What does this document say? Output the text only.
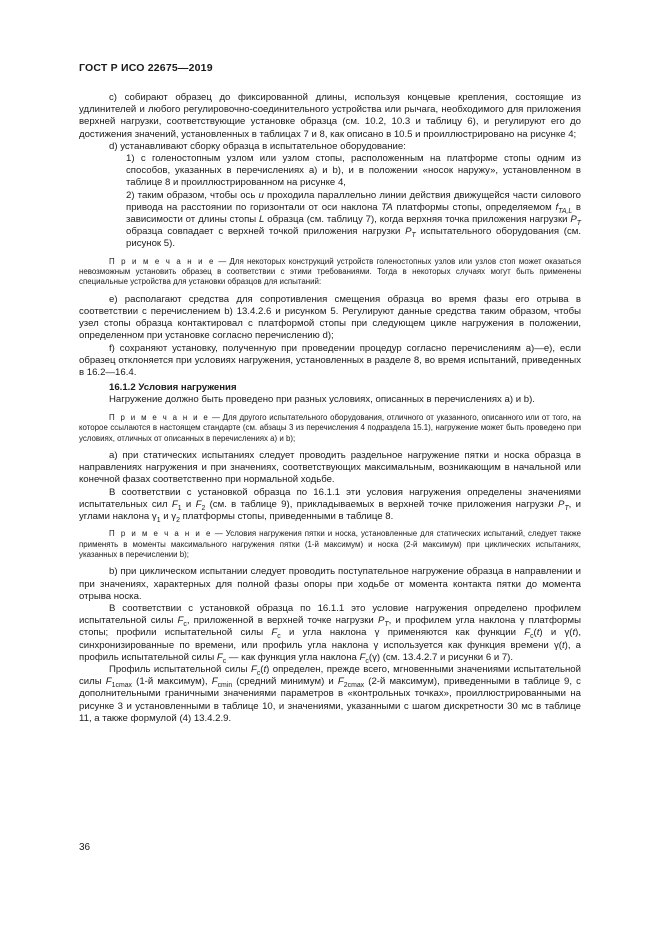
ГОСТ Р ИСО 22675—2019

c) собирают образец до фиксированной длины, используя концевые крепления, состоящие из удлинителей и любого регулировочно-соединительного устройства или рычага, необходимого для приложения верхней нагрузки, соответствующие установке образца (см. 10.2, 10.3 и таблицу 6), и регулируют его до достижения значений, установленных в таблицах 7 и 8, как описано в 10.5 и проиллюстрировано на рисунке 4;

d) устанавливают сборку образца в испытательное оборудование:

1) с голеностопным узлом или узлом стопы, расположенным на платформе стопы одним из способов, указанных в перечислениях а) и b), и в положении «носок наружу», установленном в таблице 8 и проиллюстрированном на рисунке 4,

2) таким образом, чтобы ось u проходила параллельно линии действия движущейся части силового привода на расстоянии по горизонтали от оси наклона TA платформы стопы, определяемом $f_{TA,L}$ в зависимости от длины стопы L образца (см. таблицу 7), когда верхняя точка приложения нагрузки $P_T$ образца совпадает с верхней точкой приложения нагрузки $P_T$ испытательного оборудования (см. рисунок 5).

П р и м е ч а н и е — Для некоторых конструкций устройств голеностопных узлов или узлов стоп может оказаться невозможным установить образец в соответствии с этими требованиями. Тогда в некоторых случаях могут быть применены специальные устройства для установки образцов для испытаний:

e) располагают средства для сопротивления смещения образца во время фазы его отрыва в соответствии с перечислением b) 13.4.2.6 и рисунком 5. Регулируют данные средства таким образом, чтобы узел стопы образца контактировал с платформой стопы при следующем цикле нагружения в положении, определенном при установке согласно перечислению d);

f) сохраняют установку, полученную при проведении процедур согласно перечислениям а)—е), если образец отклоняется при условиях нагружения, установленных в разделе 8, во время испытаний, приведенных в 16.2—16.4.

16.1.2 Условия нагружения

Нагружение должно быть проведено при разных условиях, описанных в перечислениях а) и b).

П р и м е ч а н и е — Для другого испытательного оборудования, отличного от указанного, описанного или от того, на которое ссылаются в настоящем стандарте (см. абзацы 3 из перечисления 4 подраздела 15.1), нагружение может быть проведено при условиях, отличных от описанных в перечислениях а) и b);

a) при статических испытаниях следует проводить раздельное нагружение пятки и носка образца в направлениях нагружения и при значениях, соответствующих максимальным, возникающим в начальной или конечной фазах соответственно при нормальной ходьбе.

В соответствии с установкой образца по 16.1.1 эти условия нагружения определены значениями испытательных сил $F_1$ и $F_2$ (см. в таблице 9), прикладываемых в верхней точке приложения нагрузки $P_T$, и углами наклона $\gamma_1$ и $\gamma_2$ платформы стопы, приведенными в таблице 8.

П р и м е ч а н и е — Условия нагружения пятки и носка, установленные для статических испытаний, следует также применять в моменты максимального нагружения пятки (1-й максимум) и носка (2-й максимум) при циклических испытаниях, указанных в перечислении b);

b) при циклическом испытании следует проводить поступательное нагружение образца в направлении и при значениях, характерных для полной фазы опоры при ходьбе от момента контакта пятки до момента отрыва носка.

В соответствии с установкой образца по 16.1.1 это условие нагружения определено профилем испытательной силы $F_c$, приложенной в верхней точке нагрузки $P_T$, и профилем угла наклона γ платформы стопы; профили испытательной силы $F_c$ и угла наклона γ применяются как функции $F_c(t)$ и γ(t), синхронизированные по времени, или профиль угла наклона γ используется как функция времени γ(t), а профиль испытательной силы $F_c$ — как функция угла наклона $F_c(\gamma)$ (см. 13.4.2.7 и рисунки 6 и 7).

Профиль испытательной силы $F_c(t)$ определен, прежде всего, мгновенными значениями испытательной силы $F_{1cmax}$ (1-й максимум), $F_{cmin}$ (средний минимум) и $F_{2cmax}$ (2-й максимум), приведенными в таблице 9, с дополнительными граничными значениями параметров в «контрольных точках», проиллюстрированными на рисунке 3 и установленными в таблице 10, и значениями, указанными с шагом дискретности 30 мс в таблице 11, а также формулой (4) 13.4.2.9.

36
